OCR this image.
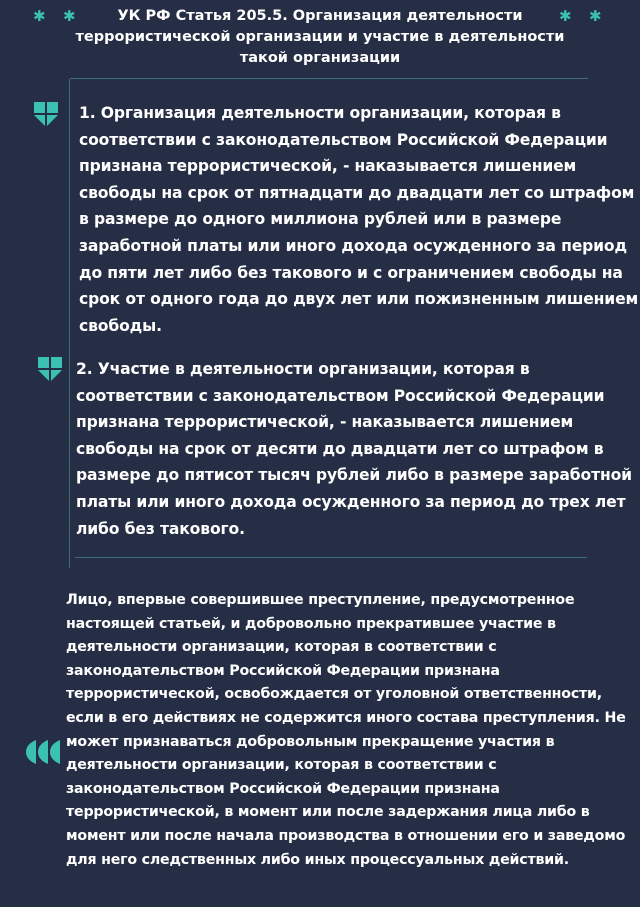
✱ ✱	УК РФ Статья 205.5. Организация деятельности террористической организации и участие в деятельности такой организации
✱ ✱
1. Организация деятельности организации, которая в соответствии с законодательством Российской Федерации признана террористической, - наказывается лишением свободы на срок от пятнадцати до двадцати лет со штрафом в размере до одного миллиона рублей или в размере заработной платы или иного дохода осужденного за период до пяти лет либо без такового и с ограничением свободы на срок от одного года до двух лет или пожизненным лишением свободы.
2. Участие в деятельности организации, которая в соответствии с законодательством Российской Федерации признана террористической, - наказывается лишением свободы на срок от десяти до двадцати лет со штрафом в размере до пятисот тысяч рублей либо в размере заработной платы или иного дохода осужденного за период до трех лет либо без такового.
Лицо, впервые совершившее преступление, предусмотренное настоящей статьей, и добровольно прекратившее участие в деятельности организации, которая в соответствии с законодательством Российской Федерации признана террористической, освобождается от уголовной ответственности, если в его действиях не содержится иного состава преступления. Не может признаваться добровольным прекращение участия в деятельности организации, которая в соответствии с законодательством Российской Федерации признана террористической, в момент или после задержания лица либо в момент или после начала производства в отношении его и заведомо для него следственных либо иных процессуальных действий.
